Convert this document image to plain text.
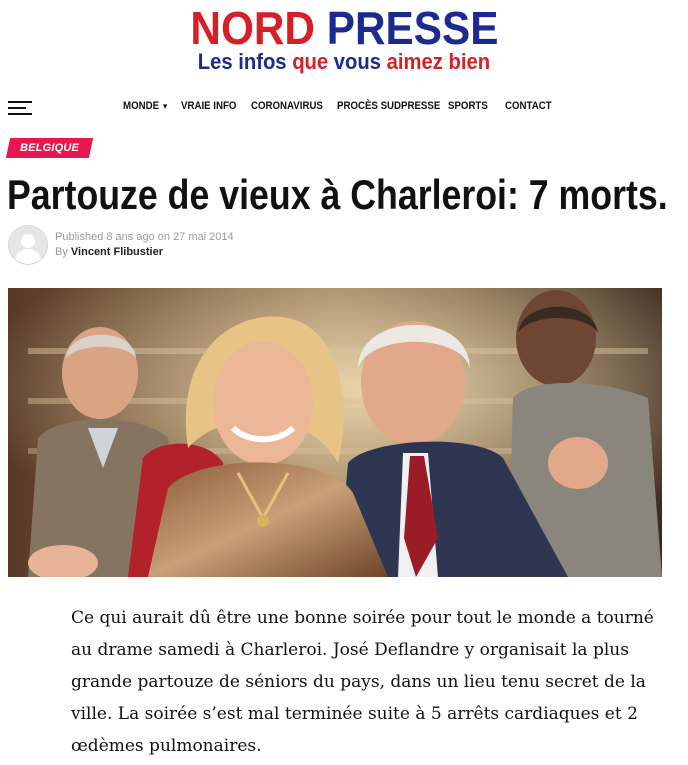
NORD PRESSE
Les infos que vous aimez bien
MONDE ▼ VRAIE INFO CORONAVIRUS PROCÈS SUDPRESSE SPORTS CONTACT
BELGIQUE
Partouze de vieux à Charleroi: 7 morts.
Published 8 ans ago on 27 mai 2014
By Vincent Flibustier

Ce qui aurait dû être une bonne soirée pour tout le monde a tourné au drame samedi à Charleroi. José Deflandre y organisait la plus grande partouze de séniors du pays, dans un lieu tenu secret de la ville. La soirée s’est mal terminée suite à 5 arrêts cardiaques et 2 œdèmes pulmonaires.
